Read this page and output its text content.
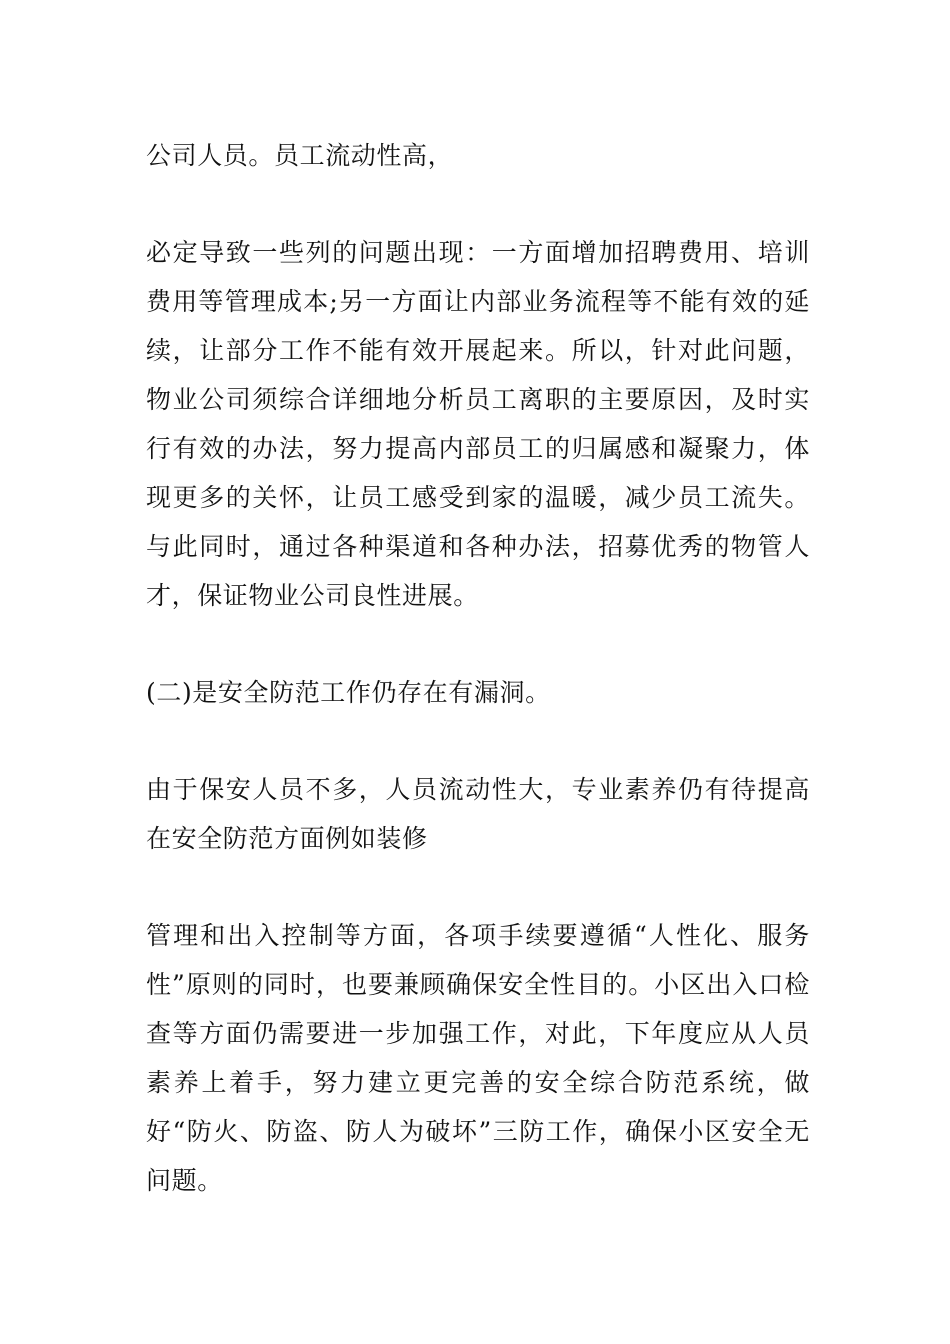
公司人员。员工流动性高，

必定导致一些列的问题出现：一方面增加招聘费用、培训费用等管理成本;另一方面让内部业务流程等不能有效的延续，让部分工作不能有效开展起来。所以，针对此问题，物业公司须综合详细地分析员工离职的主要原因，及时实行有效的办法，努力提高内部员工的归属感和凝聚力，体现更多的关怀，让员工感受到家的温暖，减少员工流失。与此同时，通过各种渠道和各种办法，招募优秀的物管人才，保证物业公司良性进展。

(二)是安全防范工作仍存在有漏洞。

由于保安人员不多，人员流动性大，专业素养仍有待提高在安全防范方面例如装修

管理和出入控制等方面，各项手续要遵循“人性化、服务性”原则的同时，也要兼顾确保安全性目的。小区出入口检查等方面仍需要进一步加强工作，对此，下年度应从人员素养上着手，努力建立更完善的安全综合防范系统，做好“防火、防盗、防人为破坏”三防工作，确保小区安全无问题。
